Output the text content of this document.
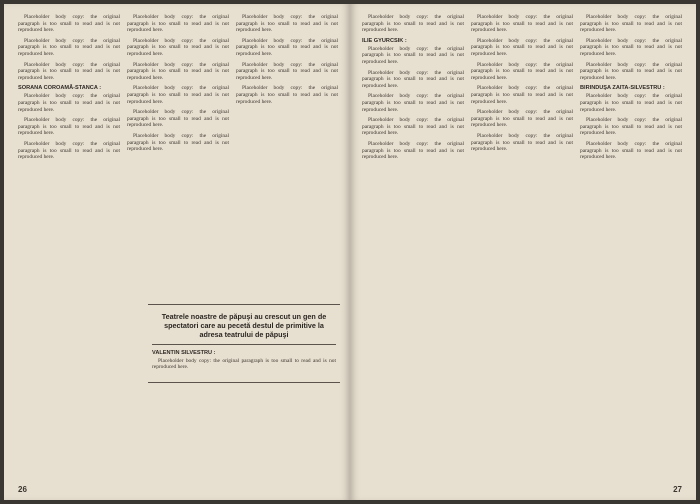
Placeholder body copy: the original paragraph is too small to read and is not reproduced here.

Placeholder body copy: the original paragraph is too small to read and is not reproduced here.

Placeholder body copy: the original paragraph is too small to read and is not reproduced here.

SORANA COROAMĂ-STANCA :

Placeholder body copy: the original paragraph is too small to read and is not reproduced here.

Placeholder body copy: the original paragraph is too small to read and is not reproduced here.

Placeholder body copy: the original paragraph is too small to read and is not reproduced here.

Placeholder body copy: the original paragraph is too small to read and is not reproduced here.

Placeholder body copy: the original paragraph is too small to read and is not reproduced here.

Placeholder body copy: the original paragraph is too small to read and is not reproduced here.

Placeholder body copy: the original paragraph is too small to read and is not reproduced here.

Placeholder body copy: the original paragraph is too small to read and is not reproduced here.

Placeholder body copy: the original paragraph is too small to read and is not reproduced here.

Placeholder body copy: the original paragraph is too small to read and is not reproduced here.

Placeholder body copy: the original paragraph is too small to read and is not reproduced here.

Placeholder body copy: the original paragraph is too small to read and is not reproduced here.

Placeholder body copy: the original paragraph is too small to read and is not reproduced here.

Teatrele noastre de păpuşi au crescut un gen de spectatori care au pecetă destul de primitive la adresa teatrului de păpuşi
VALENTIN SILVESTRU :

Placeholder body copy: the original paragraph is too small to read and is not reproduced here.

26

Placeholder body copy: the original paragraph is too small to read and is not reproduced here.

ILIE GYURCSIK :

Placeholder body copy: the original paragraph is too small to read and is not reproduced here.

Placeholder body copy: the original paragraph is too small to read and is not reproduced here.

Placeholder body copy: the original paragraph is too small to read and is not reproduced here.

Placeholder body copy: the original paragraph is too small to read and is not reproduced here.

Placeholder body copy: the original paragraph is too small to read and is not reproduced here.

Placeholder body copy: the original paragraph is too small to read and is not reproduced here.

Placeholder body copy: the original paragraph is too small to read and is not reproduced here.

Placeholder body copy: the original paragraph is too small to read and is not reproduced here.

Placeholder body copy: the original paragraph is too small to read and is not reproduced here.

Placeholder body copy: the original paragraph is too small to read and is not reproduced here.

Placeholder body copy: the original paragraph is too small to read and is not reproduced here.

Placeholder body copy: the original paragraph is too small to read and is not reproduced here.

Placeholder body copy: the original paragraph is too small to read and is not reproduced here.

Placeholder body copy: the original paragraph is too small to read and is not reproduced here.

BIRINDUŞA ZAITA-SILVESTRU :

Placeholder body copy: the original paragraph is too small to read and is not reproduced here.

Placeholder body copy: the original paragraph is too small to read and is not reproduced here.

Placeholder body copy: the original paragraph is too small to read and is not reproduced here.

27
